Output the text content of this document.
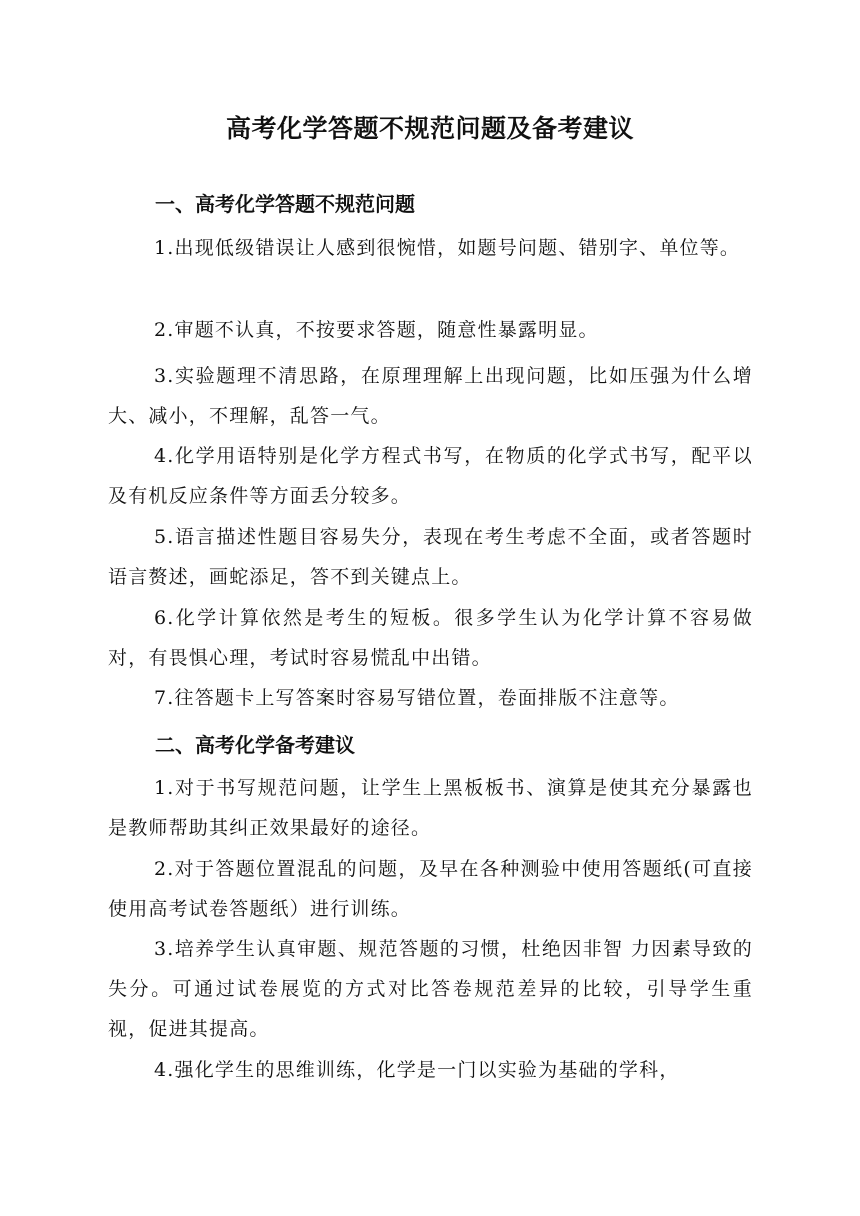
高考化学答题不规范问题及备考建议
一、高考化学答题不规范问题

1.出现低级错误让人感到很惋惜，如题号问题、错别字、单位等。

2.审题不认真，不按要求答题，随意性暴露明显。

3.实验题理不清思路，在原理理解上出现问题，比如压强为什么增大、减小，不理解，乱答一气。

4.化学用语特别是化学方程式书写，在物质的化学式书写，配平以及有机反应条件等方面丢分较多。

5.语言描述性题目容易失分，表现在考生考虑不全面，或者答题时语言赘述，画蛇添足，答不到关键点上。

6.化学计算依然是考生的短板。很多学生认为化学计算不容易做对，有畏惧心理，考试时容易慌乱中出错。

7.往答题卡上写答案时容易写错位置，卷面排版不注意等。

二、高考化学备考建议

1.对于书写规范问题，让学生上黑板板书、演算是使其充分暴露也是教师帮助其纠正效果最好的途径。

2.对于答题位置混乱的问题，及早在各种测验中使用答题纸(可直接使用高考试卷答题纸）进行训练。

3.培养学生认真审题、规范答题的习惯，杜绝因非智 力因素导致的失分。可通过试卷展览的方式对比答卷规范差异的比较，引导学生重视，促进其提高。

4.强化学生的思维训练，化学是一门以实验为基础的学科，
